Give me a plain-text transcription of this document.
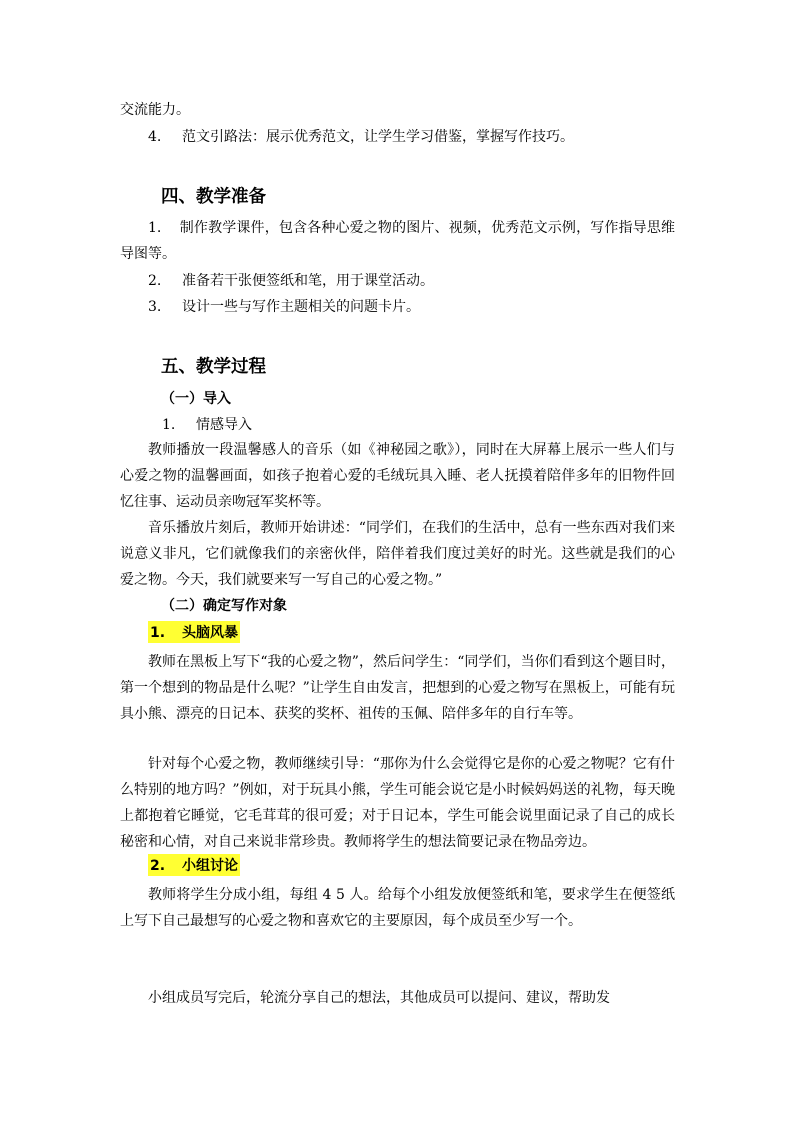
交流能力。

4. 范文引路法：展示优秀范文，让学生学习借鉴，掌握写作技巧。

四、教学准备

1. 制作教学课件，包含各种心爱之物的图片、视频，优秀范文示例，写作指导思维导图等。

2. 准备若干张便签纸和笔，用于课堂活动。

3. 设计一些与写作主题相关的问题卡片。

五、教学过程
（一）导入

1. 情感导入

教师播放一段温馨感人的音乐（如《神秘园之歌》），同时在大屏幕上展示一些人们与心爱之物的温馨画面，如孩子抱着心爱的毛绒玩具入睡、老人抚摸着陪伴多年的旧物件回忆往事、运动员亲吻冠军奖杯等。

音乐播放片刻后，教师开始讲述：“同学们，在我们的生活中，总有一些东西对我们来说意义非凡，它们就像我们的亲密伙伴，陪伴着我们度过美好的时光。这些就是我们的心爱之物。今天，我们就要来写一写自己的心爱之物。”

（二）确定写作对象

1. 头脑风暴

教师在黑板上写下“我的心爱之物”，然后问学生：“同学们，当你们看到这个题目时，第一个想到的物品是什么呢？”让学生自由发言，把想到的心爱之物写在黑板上，可能有玩具小熊、漂亮的日记本、获奖的奖杯、祖传的玉佩、陪伴多年的自行车等。

针对每个心爱之物，教师继续引导：“那你为什么会觉得它是你的心爱之物呢？它有什么特别的地方吗？”例如，对于玩具小熊，学生可能会说它是小时候妈妈送的礼物，每天晚上都抱着它睡觉，它毛茸茸的很可爱；对于日记本，学生可能会说里面记录了自己的成长秘密和心情，对自己来说非常珍贵。教师将学生的想法简要记录在物品旁边。

2. 小组讨论

教师将学生分成小组，每组 4 5 人。给每个小组发放便签纸和笔，要求学生在便签纸上写下自己最想写的心爱之物和喜欢它的主要原因，每个成员至少写一个。

小组成员写完后，轮流分享自己的想法，其他成员可以提问、建议，帮助发
